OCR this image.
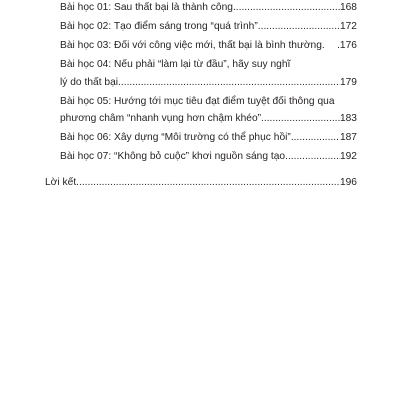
Bài học 01: Sau thất bại là thành công. .....	168
Bài học 02: Tạo điểm sáng trong “quá trình”. .....	172
Bài học 03: Đối với công việc mới, thất bại là bình thường.	.176
Bài học 04: Nếu phải “làm lại từ đầu”, hãy suy nghĩ
lý do thất bại. .....	179
Bài học 05: Hướng tới mục tiêu đạt điểm tuyệt đối thông qua
phương châm “nhanh vụng hơn chậm khéo”. .....	183
Bài học 06: Xây dựng “Môi trường có thể phục hồi” .....	187
Bài học 07: “Không bỏ cuộc” khơi nguồn sáng tạo. .....	192
Lời kết .....	196
